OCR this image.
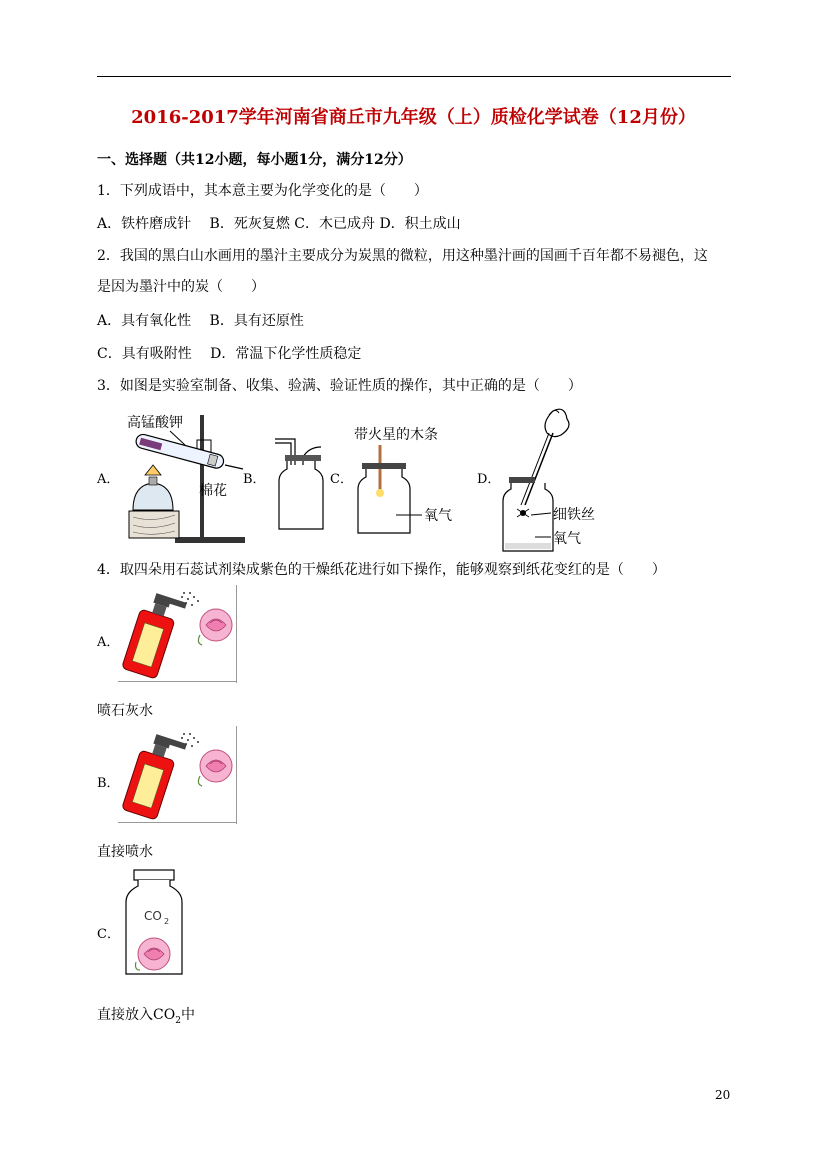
2016-2017学年河南省商丘市九年级（上）质检化学试卷（12月份）
一、选择题（共12小题，每小题1分，满分12分）
1．下列成语中，其本意主要为化学变化的是（　　）
A．铁杵磨成针　 B．死灰复燃 C．木已成舟 D．积土成山
2．我国的黑白山水画用的墨汁主要成分为炭黑的微粒，用这种墨汁画的国画千百年都不易褪色，这
是因为墨汁中的炭（　　）
A．具有氧化性　 B．具有还原性
C．具有吸附性　 D．常温下化学性质稳定
3．如图是实验室制备、收集、验满、验证性质的操作，其中正确的是（　　）
A．	B．	C．	D．
高锰酸钾
棉花
带火星的木条
氧气	细铁丝
氧气
4．取四朵用石蕊试剂染成紫色的干燥纸花进行如下操作，能够观察到纸花变红的是（　　）
A．
喷石灰水
B．
直接喷水
C．
CO 2
直接放入$CO_2$中
20
